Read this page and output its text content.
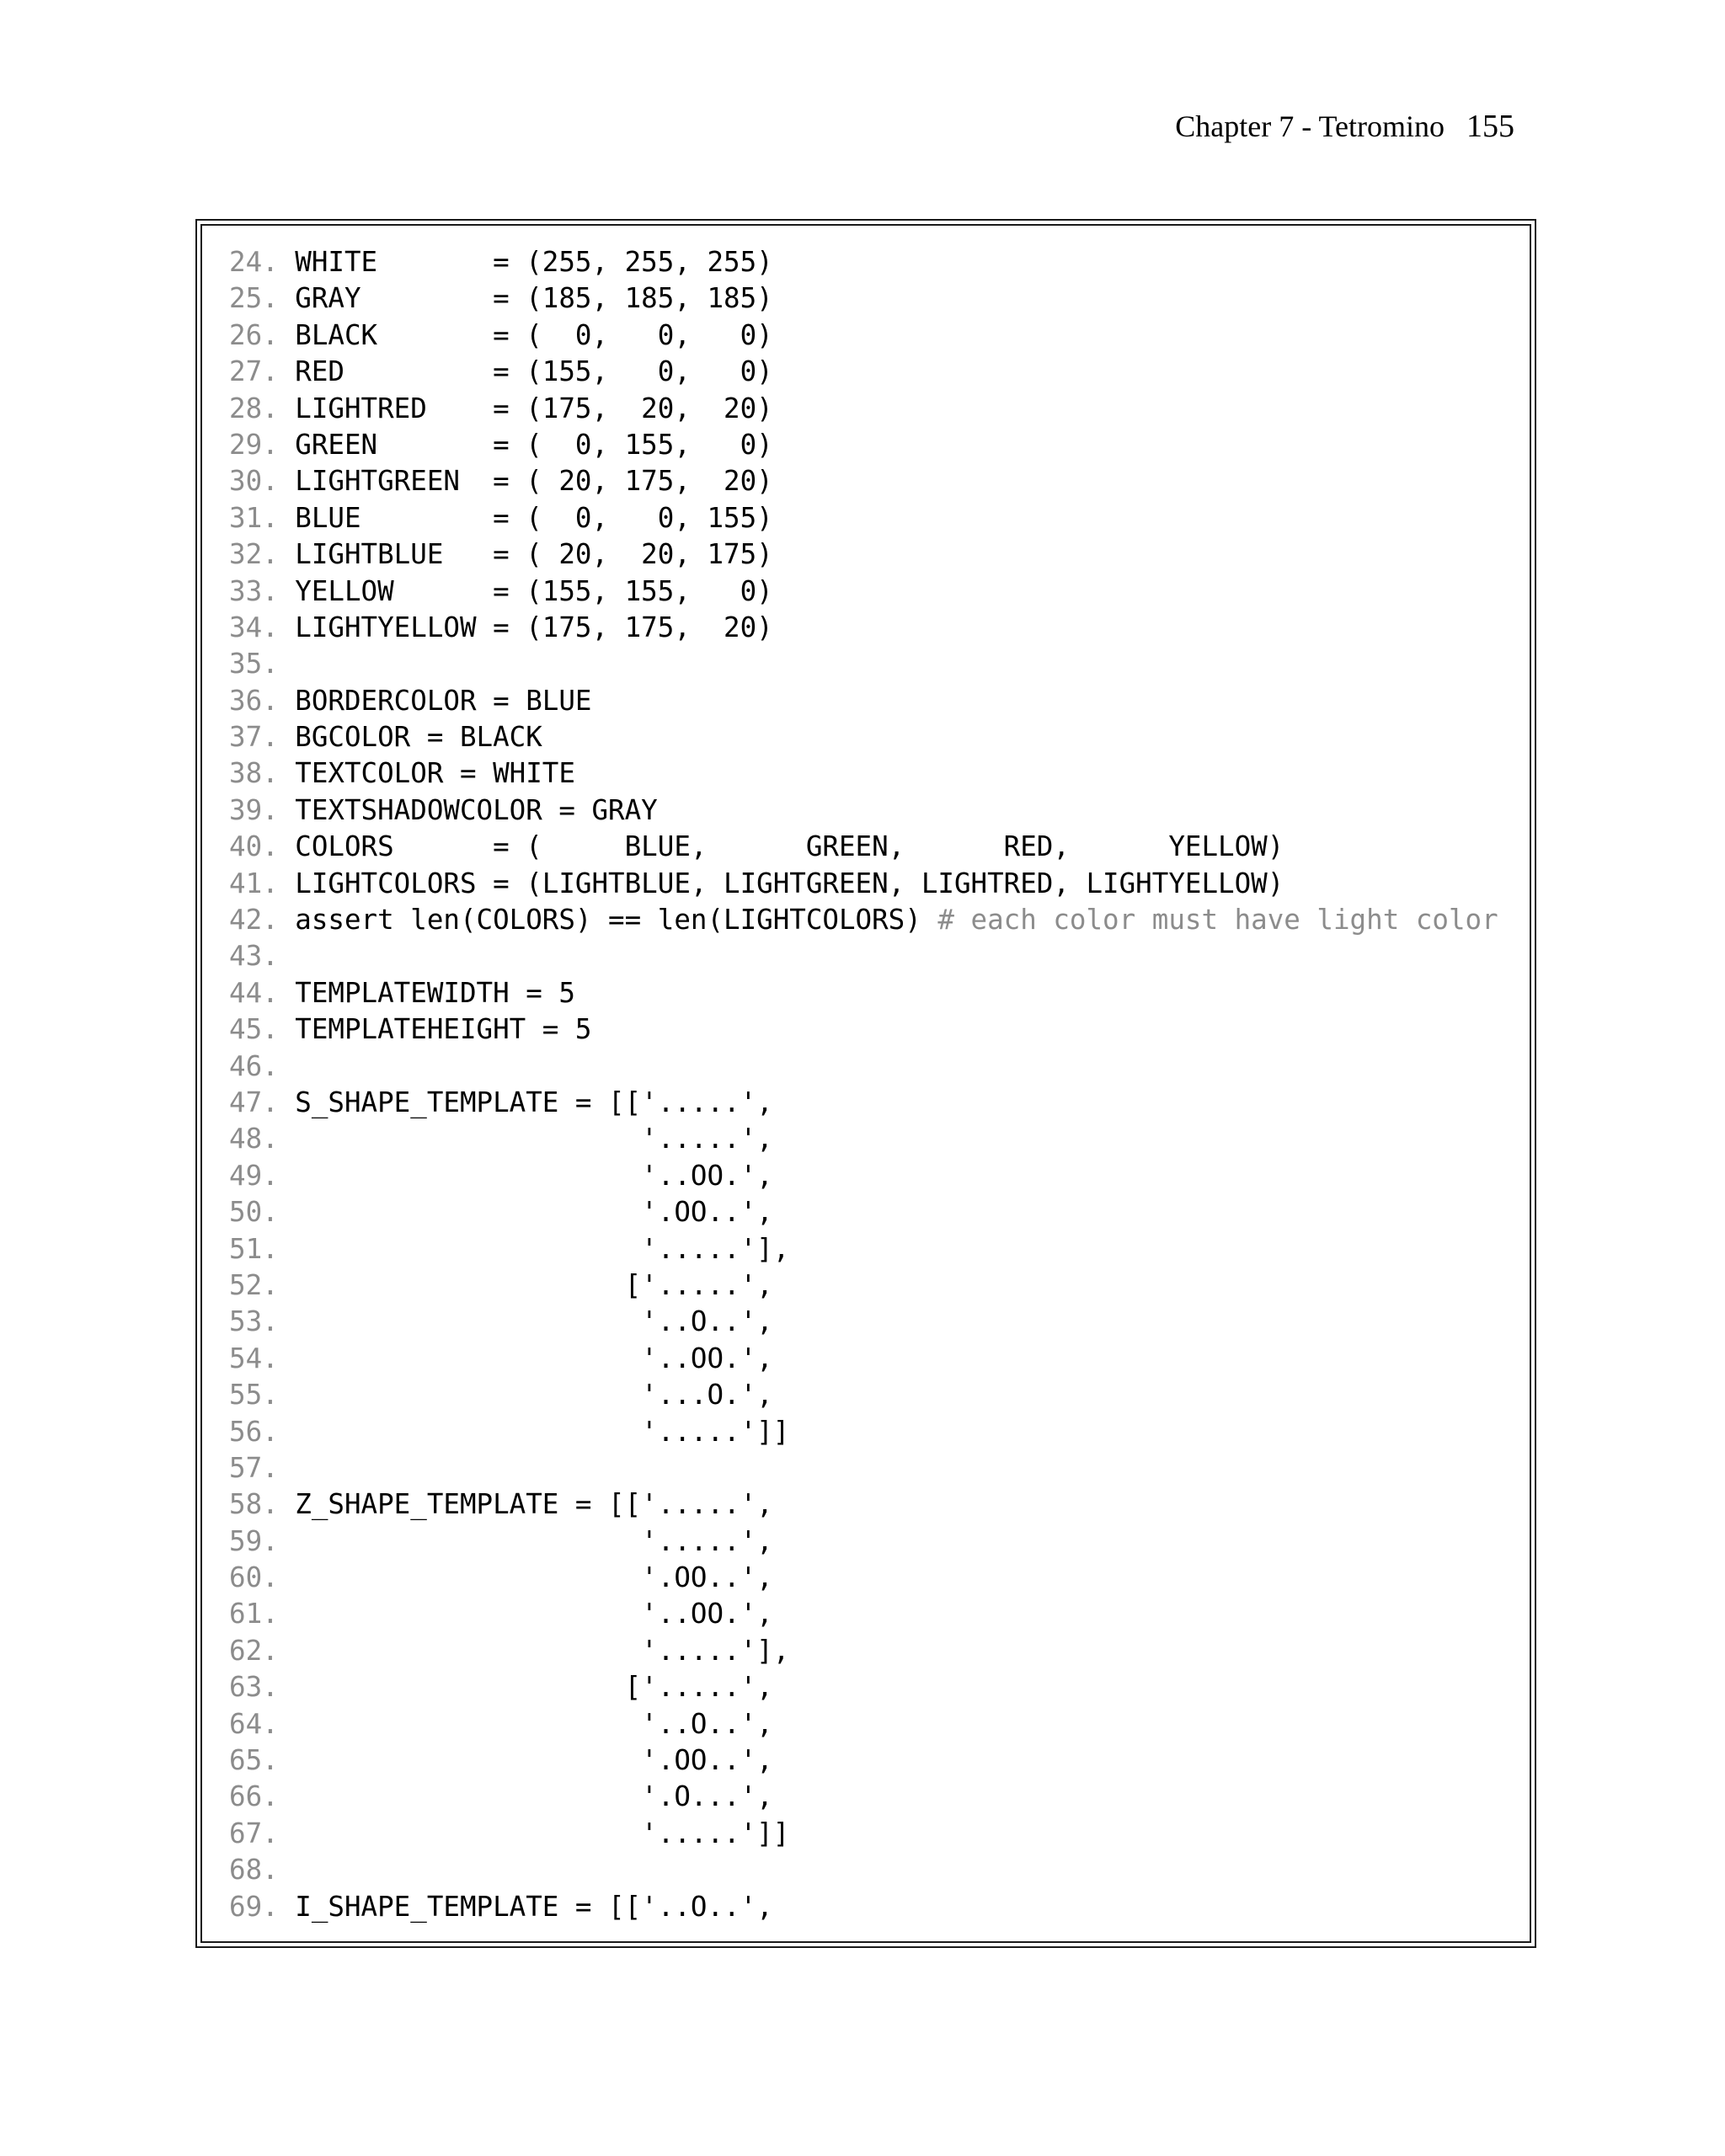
Chapter 7 - Tetromino 155
24. WHITE       = (255, 255, 255)
25. GRAY        = (185, 185, 185)
26. BLACK       = (  0,   0,   0)
27. RED         = (155,   0,   0)
28. LIGHTRED    = (175,  20,  20)
29. GREEN       = (  0, 155,   0)
30. LIGHTGREEN  = ( 20, 175,  20)
31. BLUE        = (  0,   0, 155)
32. LIGHTBLUE   = ( 20,  20, 175)
33. YELLOW      = (155, 155,   0)
34. LIGHTYELLOW = (175, 175,  20)
35.
36. BORDERCOLOR = BLUE
37. BGCOLOR = BLACK
38. TEXTCOLOR = WHITE
39. TEXTSHADOWCOLOR = GRAY
40. COLORS      = (     BLUE,      GREEN,      RED,      YELLOW)
41. LIGHTCOLORS = (LIGHTBLUE, LIGHTGREEN, LIGHTRED, LIGHTYELLOW)
42. assert len(COLORS) == len(LIGHTCOLORS) # each color must have light color
43.
44. TEMPLATEWIDTH = 5
45. TEMPLATEHEIGHT = 5
46.
47. S_SHAPE_TEMPLATE = [['.....',
48.                      '.....',
49.                      '..OO.',
50.                      '.OO..',
51.                      '.....'],
52.                     ['.....',
53.                      '..O..',
54.                      '..OO.',
55.                      '...O.',
56.                      '.....']]
57.
58. Z_SHAPE_TEMPLATE = [['.....',
59.                      '.....',
60.                      '.OO..',
61.                      '..OO.',
62.                      '.....'],
63.                     ['.....',
64.                      '..O..',
65.                      '.OO..',
66.                      '.O...',
67.                      '.....']]
68.
69. I_SHAPE_TEMPLATE = [['..O..',
